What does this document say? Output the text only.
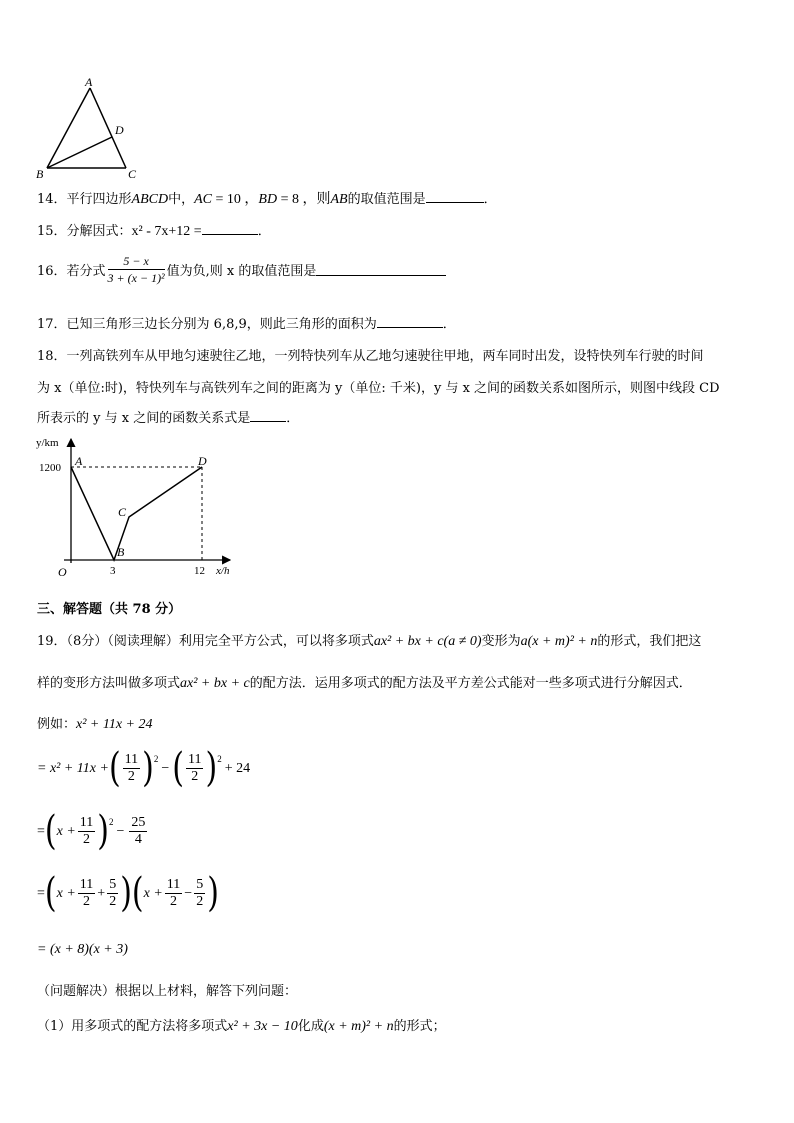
A
D
B	C
14．平行四边形ABCD中，AC = 10 ，BD = 8 ，则AB的取值范围是	．
15．分解因式：x² - 7x+12 =	．
16．若分式 $\frac{5 - x}{\text{3 + (x − 1)²}}$ 值为负,则 x 的取值范围是
17．已知三角形三边长分别为 6,8,9，则此三角形的面积为	．
18．一列高铁列车从甲地匀速驶往乙地，一列特快列车从乙地匀速驶往甲地，两车同时出发，设特快列车行驶的时间
为 x（单位:时)，特快列车与高铁列车之间的距离为 y（单位: 千米)，y 与 x 之间的函数关系如图所示，则图中线段 CD
所表示的 y 与 x 之间的函数关系式是	．
y/km
1200
O	3	12 x/h
A
B
C
D
三、解答题（共 78 分）
19．（8分）（阅读理解）利用完全平方公式，可以将多项式ax² + bx + c(a ≠ 0)变形为a(x + m)² + n的形式，我们把这
样的变形方法叫做多项式ax² + bx + c的配方法．运用多项式的配方法及平方差公式能对一些多项式进行分解因式．
例如：x² + 11x + 24
= x² + 11x + ( $\frac{11}{2} )^2$
− ( $\frac{11}{2} )^2$
+ 24
= ( $x + \frac{11}{2} )^2$
− $\frac{25}{4}$
= ( $x + \frac{11}{2} + \frac{5}{2}$ ) ( $x + \frac{11}{2} - \frac{5}{2}$ )
= (x + 8)(x + 3)
（问题解决）根据以上材料，解答下列问题：
（1）用多项式的配方法将多项式x² + 3x − 10化成(x + m)² + n的形式；
